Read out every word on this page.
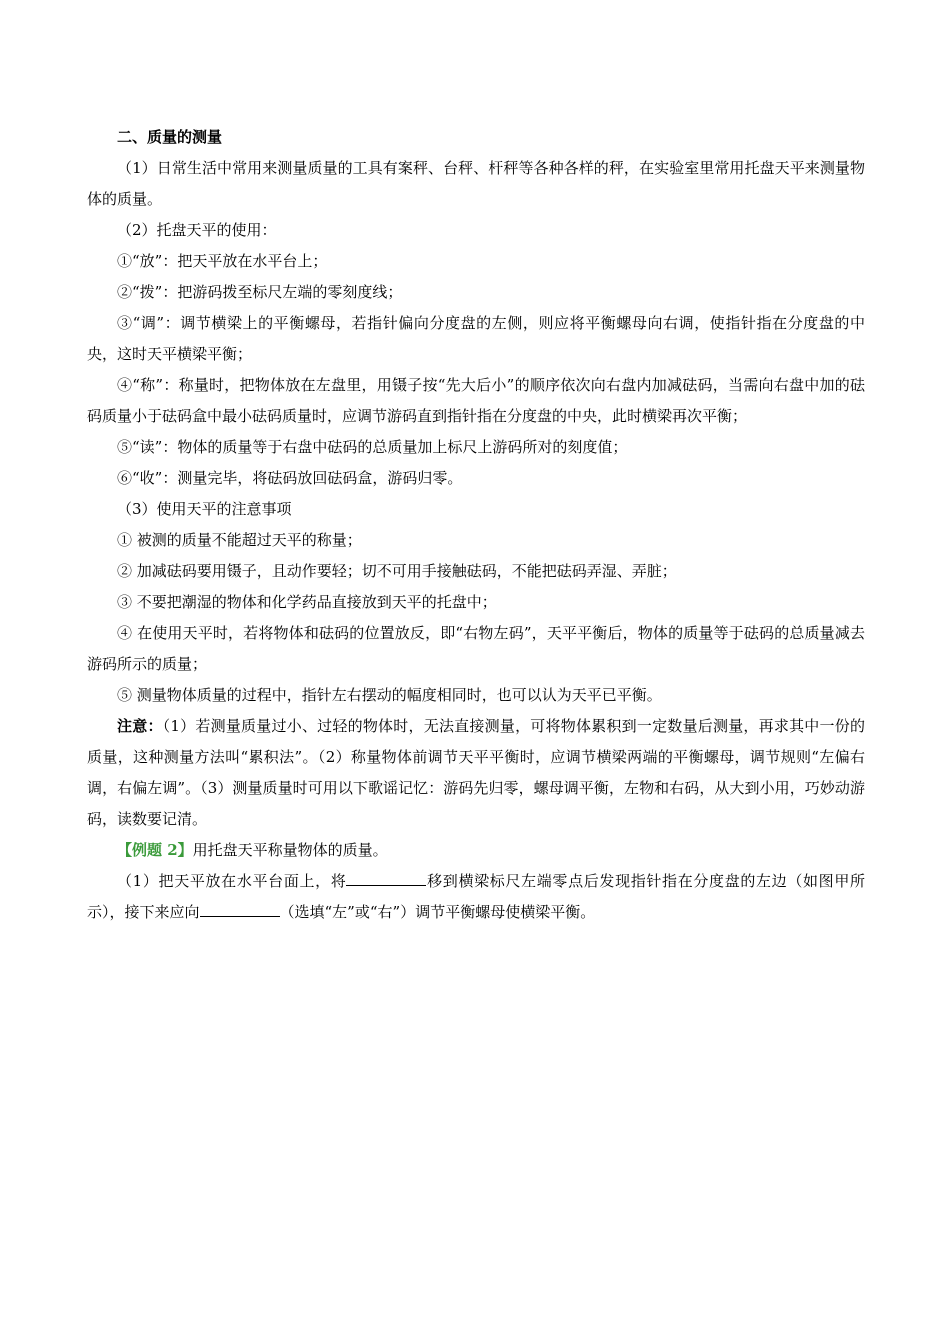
二、质量的测量

（1）日常生活中常用来测量质量的工具有案秤、台秤、杆秤等各种各样的秤，在实验室里常用托盘天平来测量物体的质量。

（2）托盘天平的使用：

①“放”：把天平放在水平台上；

②“拨”：把游码拨至标尺左端的零刻度线；

③“调”：调节横梁上的平衡螺母，若指针偏向分度盘的左侧，则应将平衡螺母向右调，使指针指在分度盘的中央，这时天平横梁平衡；

④“称”：称量时，把物体放在左盘里，用镊子按“先大后小”的顺序依次向右盘内加减砝码，当需向右盘中加的砝码质量小于砝码盒中最小砝码质量时，应调节游码直到指针指在分度盘的中央，此时横梁再次平衡；

⑤“读”：物体的质量等于右盘中砝码的总质量加上标尺上游码所对的刻度值；

⑥“收”：测量完毕，将砝码放回砝码盒，游码归零。

（3）使用天平的注意事项

① 被测的质量不能超过天平的称量；

② 加减砝码要用镊子，且动作要轻；切不可用手接触砝码，不能把砝码弄湿、弄脏；

③ 不要把潮湿的物体和化学药品直接放到天平的托盘中；

④ 在使用天平时，若将物体和砝码的位置放反，即“右物左码”，天平平衡后，物体的质量等于砝码的总质量减去游码所示的质量；

⑤ 测量物体质量的过程中，指针左右摆动的幅度相同时，也可以认为天平已平衡。

注意：（1）若测量质量过小、过轻的物体时，无法直接测量，可将物体累积到一定数量后测量，再求其中一份的质量，这种测量方法叫“累积法”。（2）称量物体前调节天平平衡时，应调节横梁两端的平衡螺母，调节规则“左偏右调，右偏左调”。（3）测量质量时可用以下歌谣记忆：游码先归零，螺母调平衡，左物和右码，从大到小用，巧妙动游码，读数要记清。

【例题 2】用托盘天平称量物体的质量。

（1）把天平放在水平台面上，将	移到横梁标尺左端零点后发现指针指在分度盘的左边（如图甲所示），接下来应向	（选填“左”或“右”）调节平衡螺母使横梁平衡。
